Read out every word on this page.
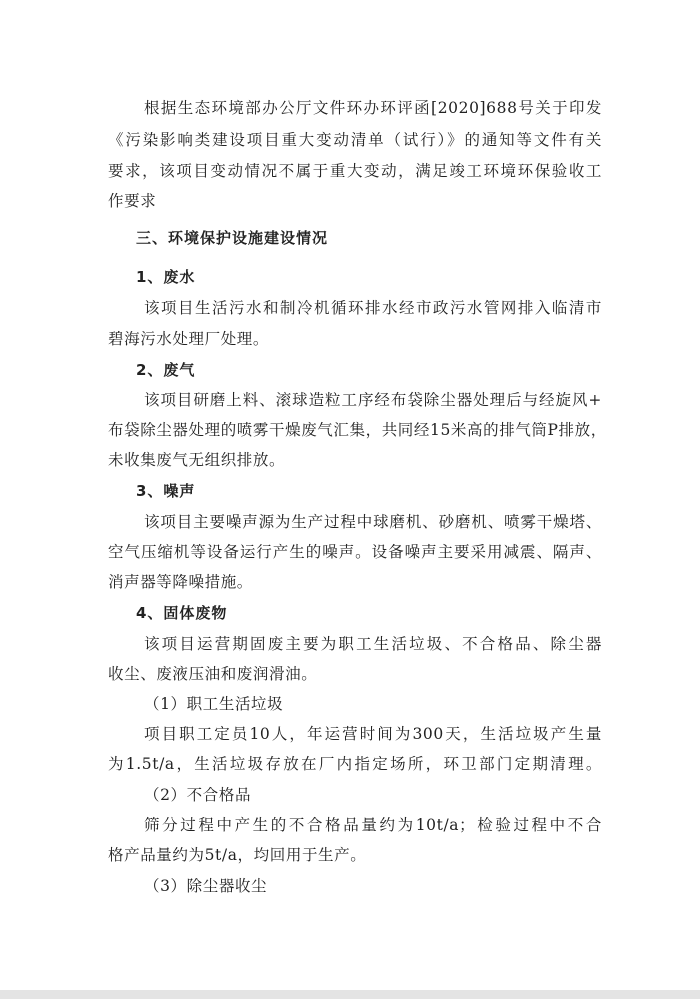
根据生态环境部办公厅文件环办环评函[2020]688号关于印发
《污染影响类建设项目重大变动清单（试行）》的通知等文件有关
要求，该项目变动情况不属于重大变动，满足竣工环境环保验收工
作要求
三、环境保护设施建设情况
1、废水
该项目生活污水和制冷机循环排水经市政污水管网排入临清市
碧海污水处理厂处理。
2、废气
该项目研磨上料、滚球造粒工序经布袋除尘器处理后与经旋风+
布袋除尘器处理的喷雾干燥废气汇集，共同经15米高的排气筒P排放，
未收集废气无组织排放。
3、噪声
该项目主要噪声源为生产过程中球磨机、砂磨机、喷雾干燥塔、
空气压缩机等设备运行产生的噪声。设备噪声主要采用减震、隔声、
消声器等降噪措施。
4、固体废物
该项目运营期固废主要为职工生活垃圾、不合格品、除尘器
收尘、废液压油和废润滑油。
（1）职工生活垃圾
项目职工定员10人，年运营时间为300天，生活垃圾产生量
为1.5t/a，生活垃圾存放在厂内指定场所，环卫部门定期清理。
（2）不合格品
筛分过程中产生的不合格品量约为10t/a；检验过程中不合
格产品量约为5t/a，均回用于生产。
（3）除尘器收尘
